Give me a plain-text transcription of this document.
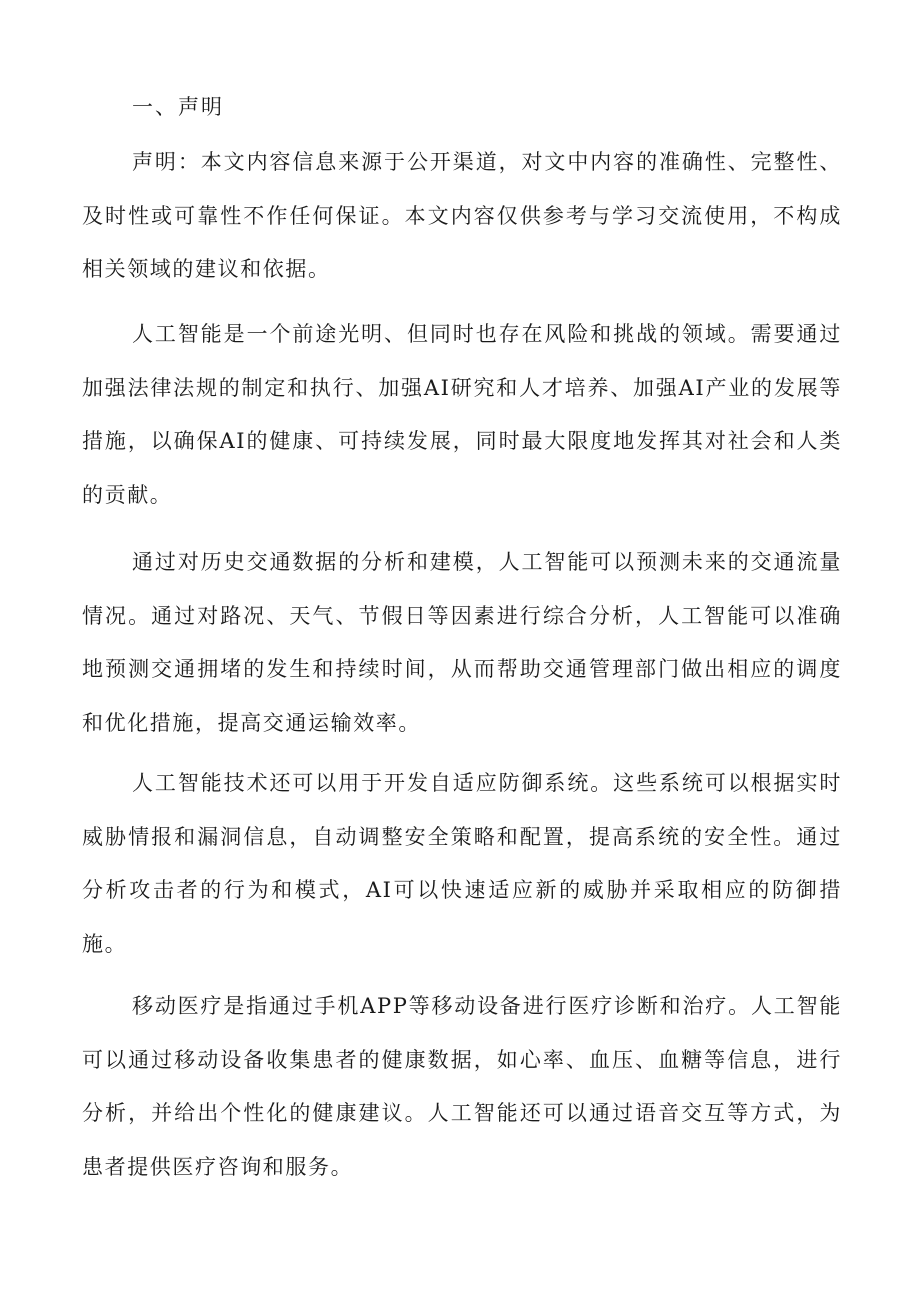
一、声明

声明：本文内容信息来源于公开渠道，对文中内容的准确性、完整性、及时性或可靠性不作任何保证。本文内容仅供参考与学习交流使用，不构成相关领域的建议和依据。

人工智能是一个前途光明、但同时也存在风险和挑战的领域。需要通过加强法律法规的制定和执行、加强AI研究和人才培养、加强AI产业的发展等措施，以确保AI的健康、可持续发展，同时最大限度地发挥其对社会和人类的贡献。

通过对历史交通数据的分析和建模，人工智能可以预测未来的交通流量情况。通过对路况、天气、节假日等因素进行综合分析，人工智能可以准确地预测交通拥堵的发生和持续时间，从而帮助交通管理部门做出相应的调度和优化措施，提高交通运输效率。

人工智能技术还可以用于开发自适应防御系统。这些系统可以根据实时威胁情报和漏洞信息，自动调整安全策略和配置，提高系统的安全性。通过分析攻击者的行为和模式，AI可以快速适应新的威胁并采取相应的防御措施。

移动医疗是指通过手机APP等移动设备进行医疗诊断和治疗。人工智能可以通过移动设备收集患者的健康数据，如心率、血压、血糖等信息，进行分析，并给出个性化的健康建议。人工智能还可以通过语音交互等方式，为患者提供医疗咨询和服务。
